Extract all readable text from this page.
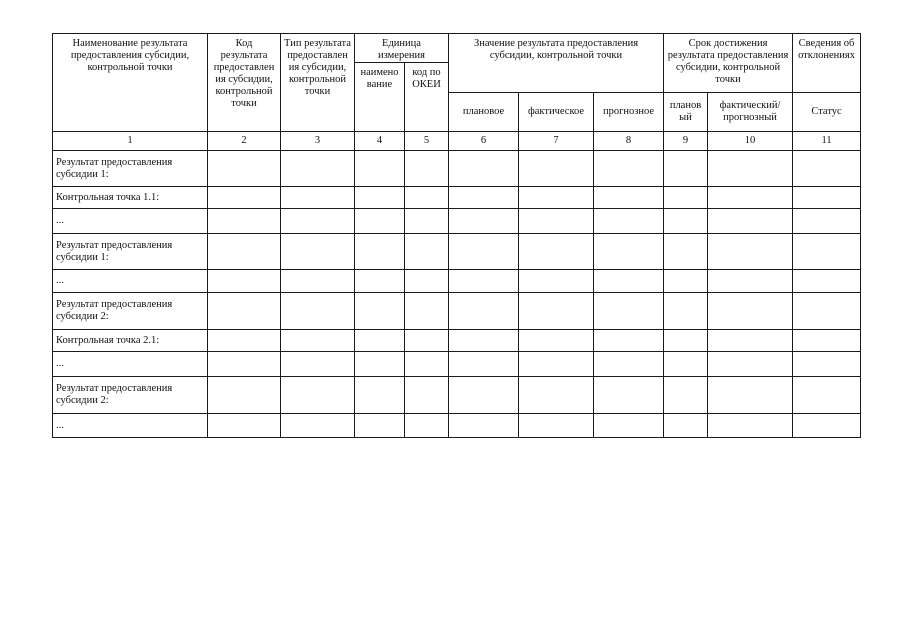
Наименование результата предоставления субсидии, контрольной точки	Код результата предоставлен ия субсидии, контрольной точки	Тип результата предоставлен ия субсидии, контрольной точки	Единица измерения		Значение результата предоставления субсидии, контрольной точки			Срок достижения результата предоставления субсидии, контрольной точки		Сведения об отклонениях
			наимено вание	код по ОКЕИ						
					плановое	фактическое	прогнозное	планов ый	фактический/ прогнозный	Статус
1	2	3	4	5	6	7	8	9	10	11
Результат предоставления субсидии 1:										
Контрольная точка 1.1:										
...										
Результат предоставления субсидии 1:										
...										
Результат предоставления субсидии 2:										
Контрольная точка 2.1:										
...										
Результат предоставления субсидии 2:										
...										
